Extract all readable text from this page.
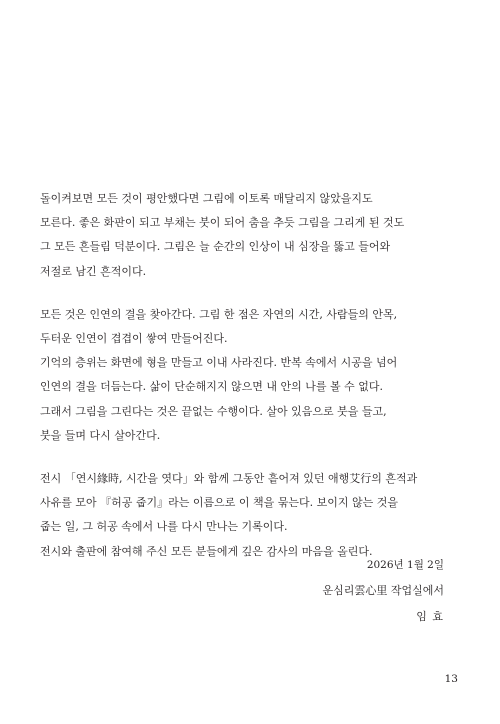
돌이켜보면 모든 것이 평안했다면 그림에 이토록 매달리지 않았을지도
모른다. 좋은 화판이 되고 부채는 붓이 되어 춤을 추듯 그림을 그리게 된 것도
그 모든 흔들림 덕분이다. 그림은 늘 순간의 인상이 내 심장을 뚫고 들어와
저절로 남긴 흔적이다.

모든 것은 인연의 결을 찾아간다. 그림 한 점은 자연의 시간, 사람들의 안목,
두터운 인연이 겹겹이 쌓여 만들어진다.
기억의 층위는 화면에 형을 만들고 이내 사라진다. 반복 속에서 시공을 넘어
인연의 결을 더듬는다. 삶이 단순해지지 않으면 내 안의 나를 볼 수 없다.
그래서 그림을 그린다는 것은 끝없는 수행이다. 살아 있음으로 붓을 들고,
붓을 들며 다시 살아간다.

전시 「연시緣時, 시간을 엿다」와 함께 그동안 흩어져 있던 애행艾行의 흔적과
사유를 모아 『허공 줍기』라는 이름으로 이 책을 묶는다. 보이지 않는 것을
줍는 일, 그 허공 속에서 나를 다시 만나는 기록이다.
전시와 출판에 참여해 주신 모든 분들에게 깊은 감사의 마음을 올린다.

2026년 1월 2일
운심리雲心里 작업실에서
임 효
13
